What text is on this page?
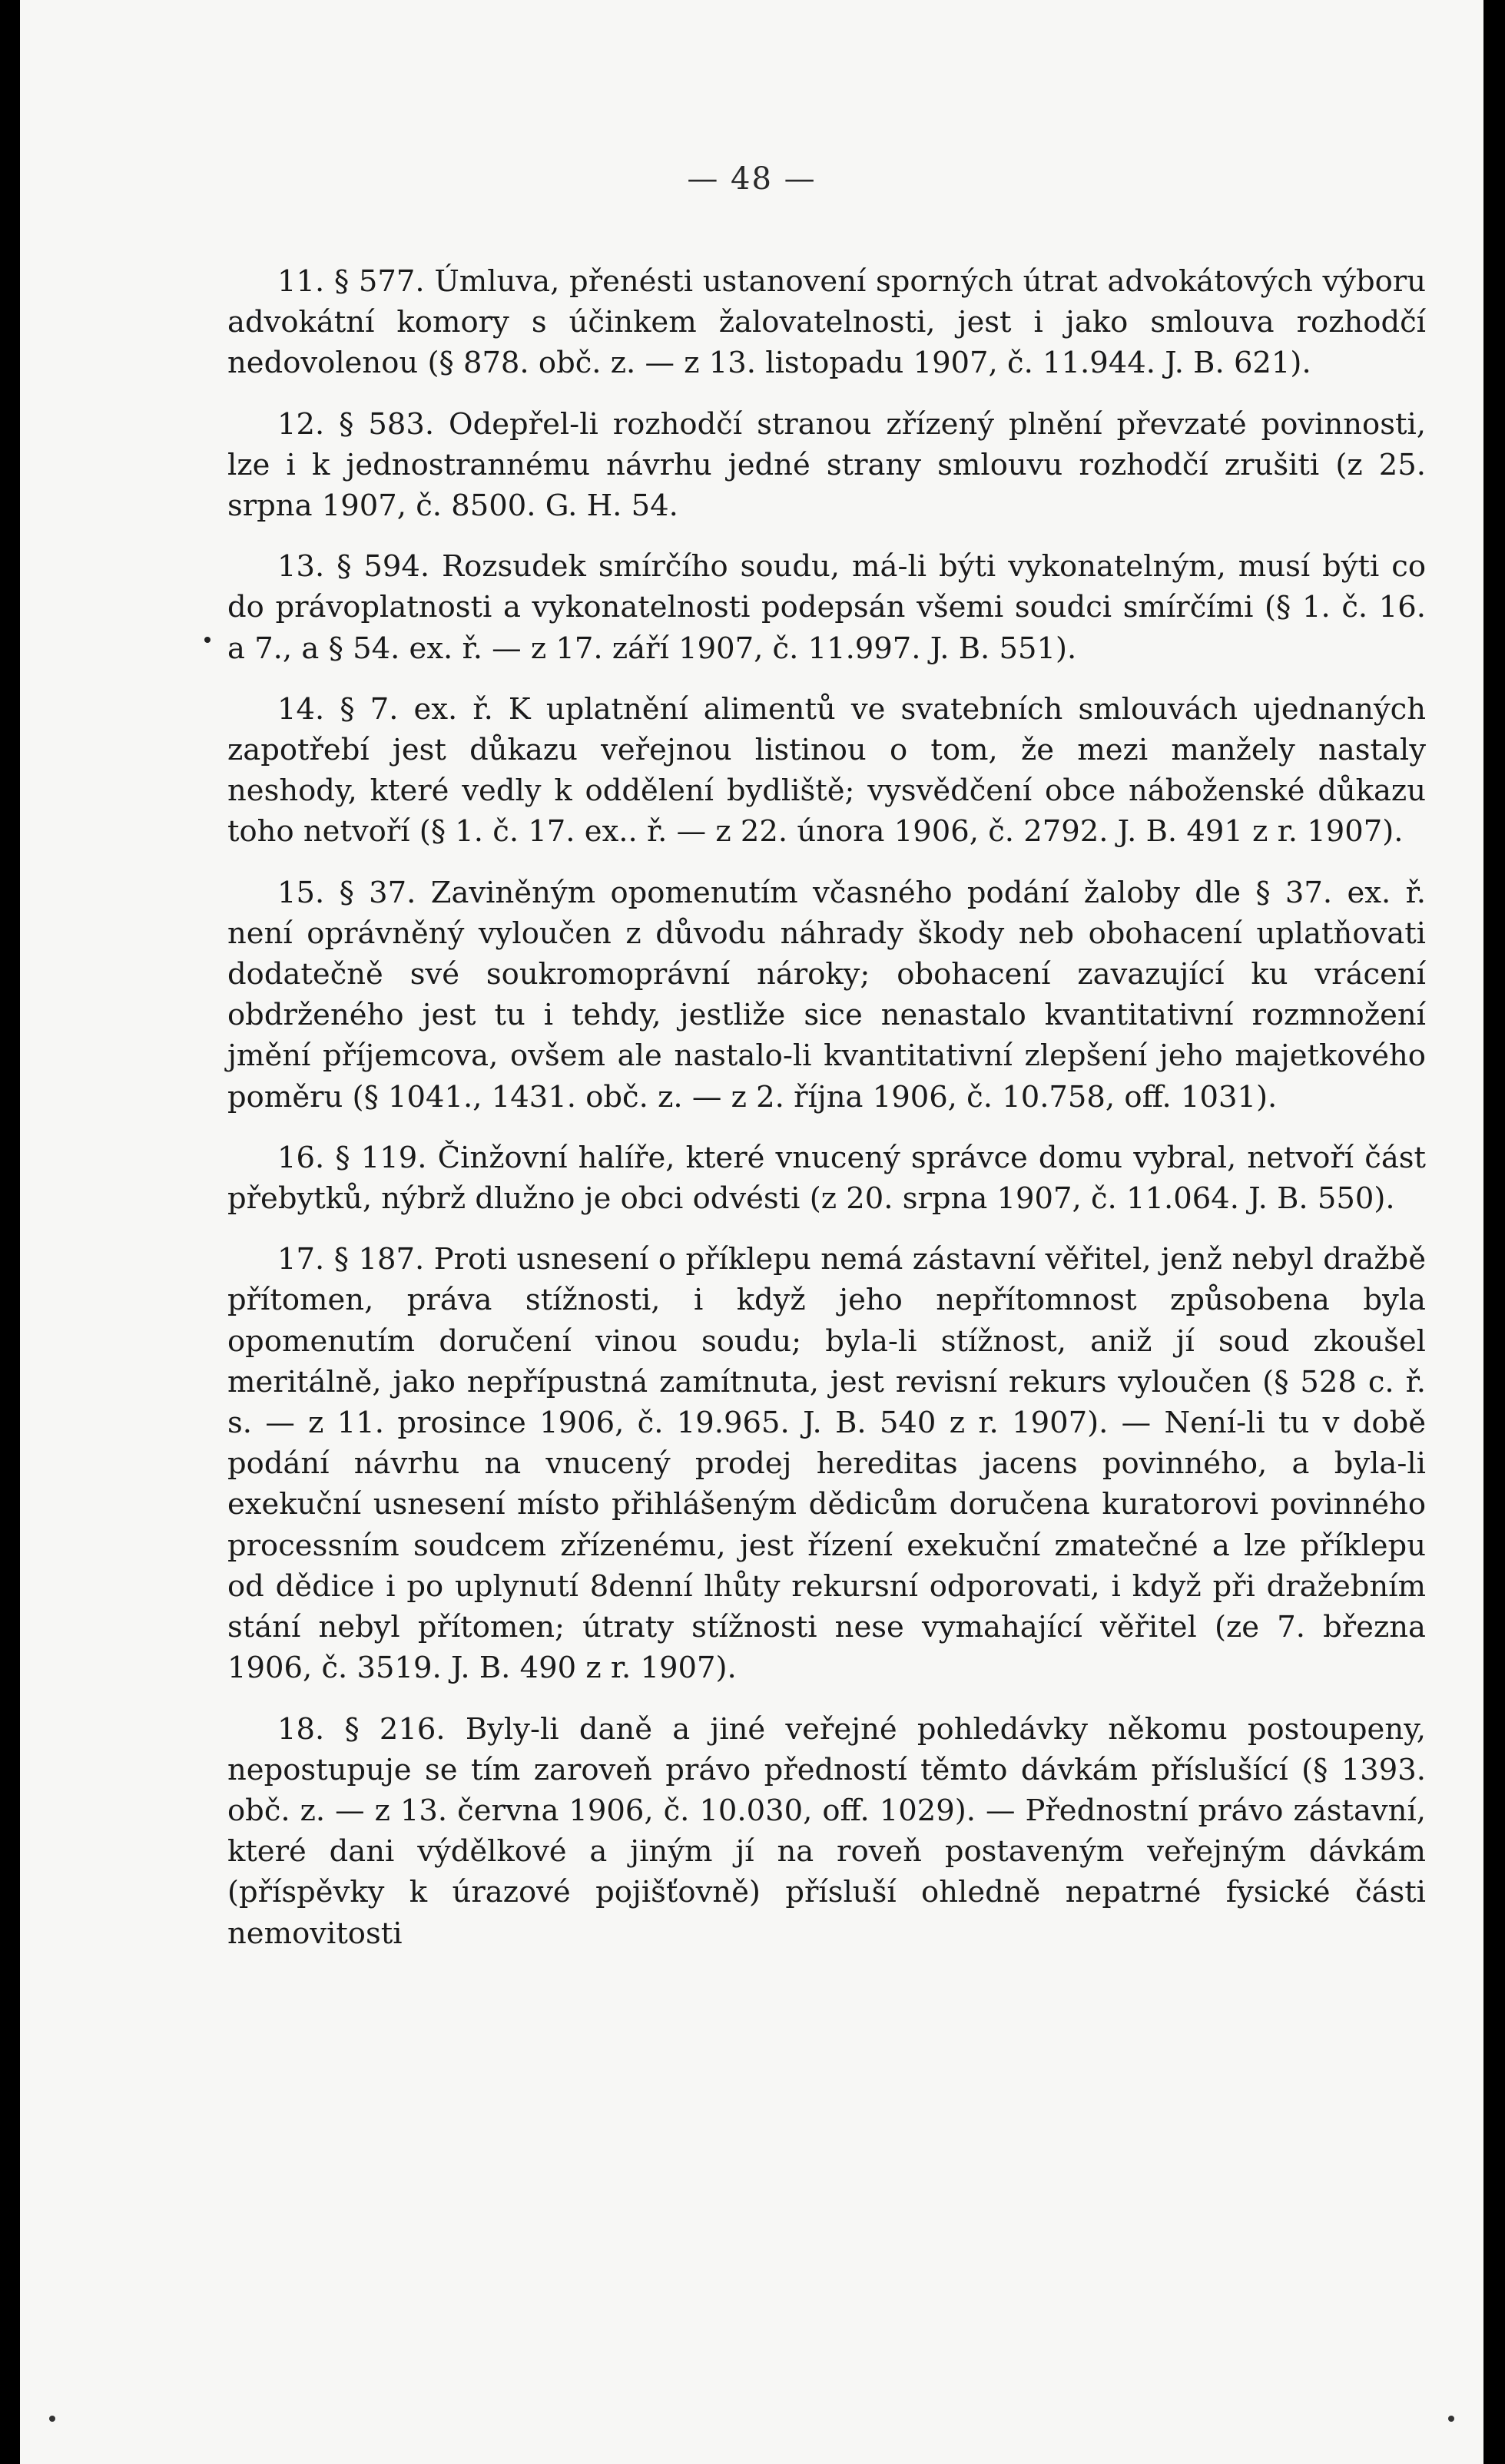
— 48 —

11. § 577. Úmluva, přenésti ustanovení sporných útrat advokátových výboru advokátní komory s účinkem žalovatelnosti, jest i jako smlouva rozhodčí nedovolenou (§ 878. obč. z. — z 13. listopadu 1907, č. 11.944. J. B. 621).

12. § 583. Odepřel-li rozhodčí stranou zřízený plnění převzaté povinnosti, lze i k jednostrannému návrhu jedné strany smlouvu rozhodčí zrušiti (z 25. srpna 1907, č. 8500. G. H. 54.

13. § 594. Rozsudek smírčího soudu, má-li býti vykonatelným, musí býti co do právoplatnosti a vykonatelnosti podepsán všemi soudci smírčími (§ 1. č. 16. a 7., a § 54. ex. ř. — z 17. září 1907, č. 11.997. J. B. 551).

14. § 7. ex. ř. K uplatnění alimentů ve svatebních smlouvách ujednaných zapotřebí jest důkazu veřejnou listinou o tom, že mezi manžely nastaly neshody, které vedly k oddělení bydliště; vysvědčení obce náboženské důkazu toho netvoří (§ 1. č. 17. ex.. ř. — z 22. února 1906, č. 2792. J. B. 491 z r. 1907).

15. § 37. Zaviněným opomenutím včasného podání žaloby dle § 37. ex. ř. není oprávněný vyloučen z důvodu náhrady škody neb obohacení uplatňovati dodatečně své soukromoprávní nároky; obohacení zavazující ku vrácení obdrženého jest tu i tehdy, jestliže sice nenastalo kvantitativní rozmnožení jmění příjemcova, ovšem ale nastalo-li kvantitativní zlepšení jeho majetkového poměru (§ 1041., 1431. obč. z. — z 2. října 1906, č. 10.758, off. 1031).

16. § 119. Činžovní halíře, které vnucený správce domu vybral, netvoří část přebytků, nýbrž dlužno je obci odvésti (z 20. srpna 1907, č. 11.064. J. B. 550).

17. § 187. Proti usnesení o příklepu nemá zástavní věřitel, jenž nebyl dražbě přítomen, práva stížnosti, i když jeho nepřítomnost způsobena byla opomenutím doručení vinou soudu; byla-li stížnost, aniž jí soud zkoušel meritálně, jako nepřípustná zamítnuta, jest revisní rekurs vyloučen (§ 528 c. ř. s. — z 11. prosince 1906, č. 19.965. J. B. 540 z r. 1907). — Není-li tu v době podání návrhu na vnucený prodej hereditas jacens povinného, a byla-li exekuční usnesení místo přihlášeným dědicům doručena kuratorovi povinného processním soudcem zřízenému, jest řízení exekuční zmatečné a lze příklepu od dědice i po uplynutí 8denní lhůty rekursní odporovati, i když při dražebním stání nebyl přítomen; útraty stížnosti nese vymahající věřitel (ze 7. března 1906, č. 3519. J. B. 490 z r. 1907).

18. § 216. Byly-li daně a jiné veřejné pohledávky někomu postoupeny, nepostupuje se tím zaroveň právo předností těmto dávkám příslušící (§ 1393. obč. z. — z 13. června 1906, č. 10.030, off. 1029). — Přednostní právo zástavní, které dani výdělkové a jiným jí na roveň postaveným veřejným dávkám (příspěvky k úrazové pojišťovně) přísluší ohledně nepatrné fysické části nemovitosti
